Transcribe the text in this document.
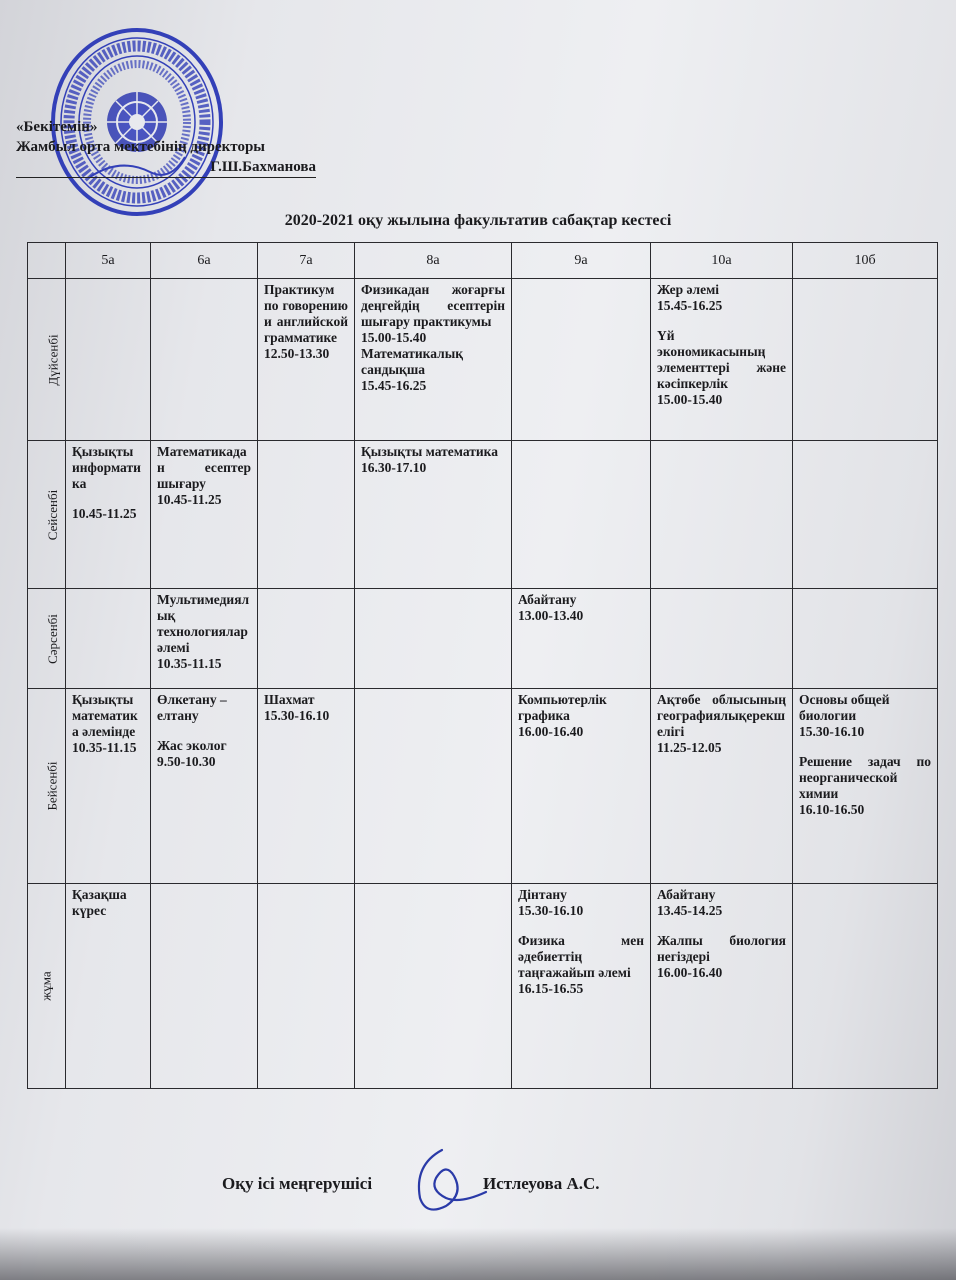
«Бекітемін»
Жамбыл орта мектебінің директоры
Г.Ш.Бахманова
2020-2021 оқу жылына факультатив сабақтар кестесі
	5а	6а	7а	8а	9а	10а	10б
Дүйсенбі			Практикум по говорению и английской грамматике
12.50-13.30	Физикадан жоғарғы деңгейдің есептерін шығару практикумы
15.00-15.40
Математикалық сандықша
15.45-16.25		Жер әлемі
15.45-16.25
Үй экономикасының элементтері және кәсіпкерлік
15.00-15.40	

Сейсенбі	Қызықты информатика
10.45-11.25	Математикадан есептер шығару
10.45-11.25		Қызықты математика
16.30-17.10			

Сәрсенбі		Мультимедиялық технологиялар әлемі
10.35-11.15			Абайтану
13.00-13.40		

Бейсенбі	Қызықты математика әлемінде
10.35-11.15	Өлкетану – елтану
Жас эколог
9.50-10.30	Шахмат
15.30-16.10		Компьютерлік графика
16.00-16.40	Ақтөбе облысының географиялықерекшелігі
11.25-12.05	Основы общей биологии
15.30-16.10
Решение задач по неорганической химии
16.10-16.50

жұма	Қазақша күрес				Дінтану
15.30-16.10
Физика мен әдебиеттің таңғажайып әлемі
16.15-16.55	Абайтану
13.45-14.25
Жалпы биология негіздері
16.00-16.40	

Оқу ісі меңгерушісі	Истлеуова А.С.
